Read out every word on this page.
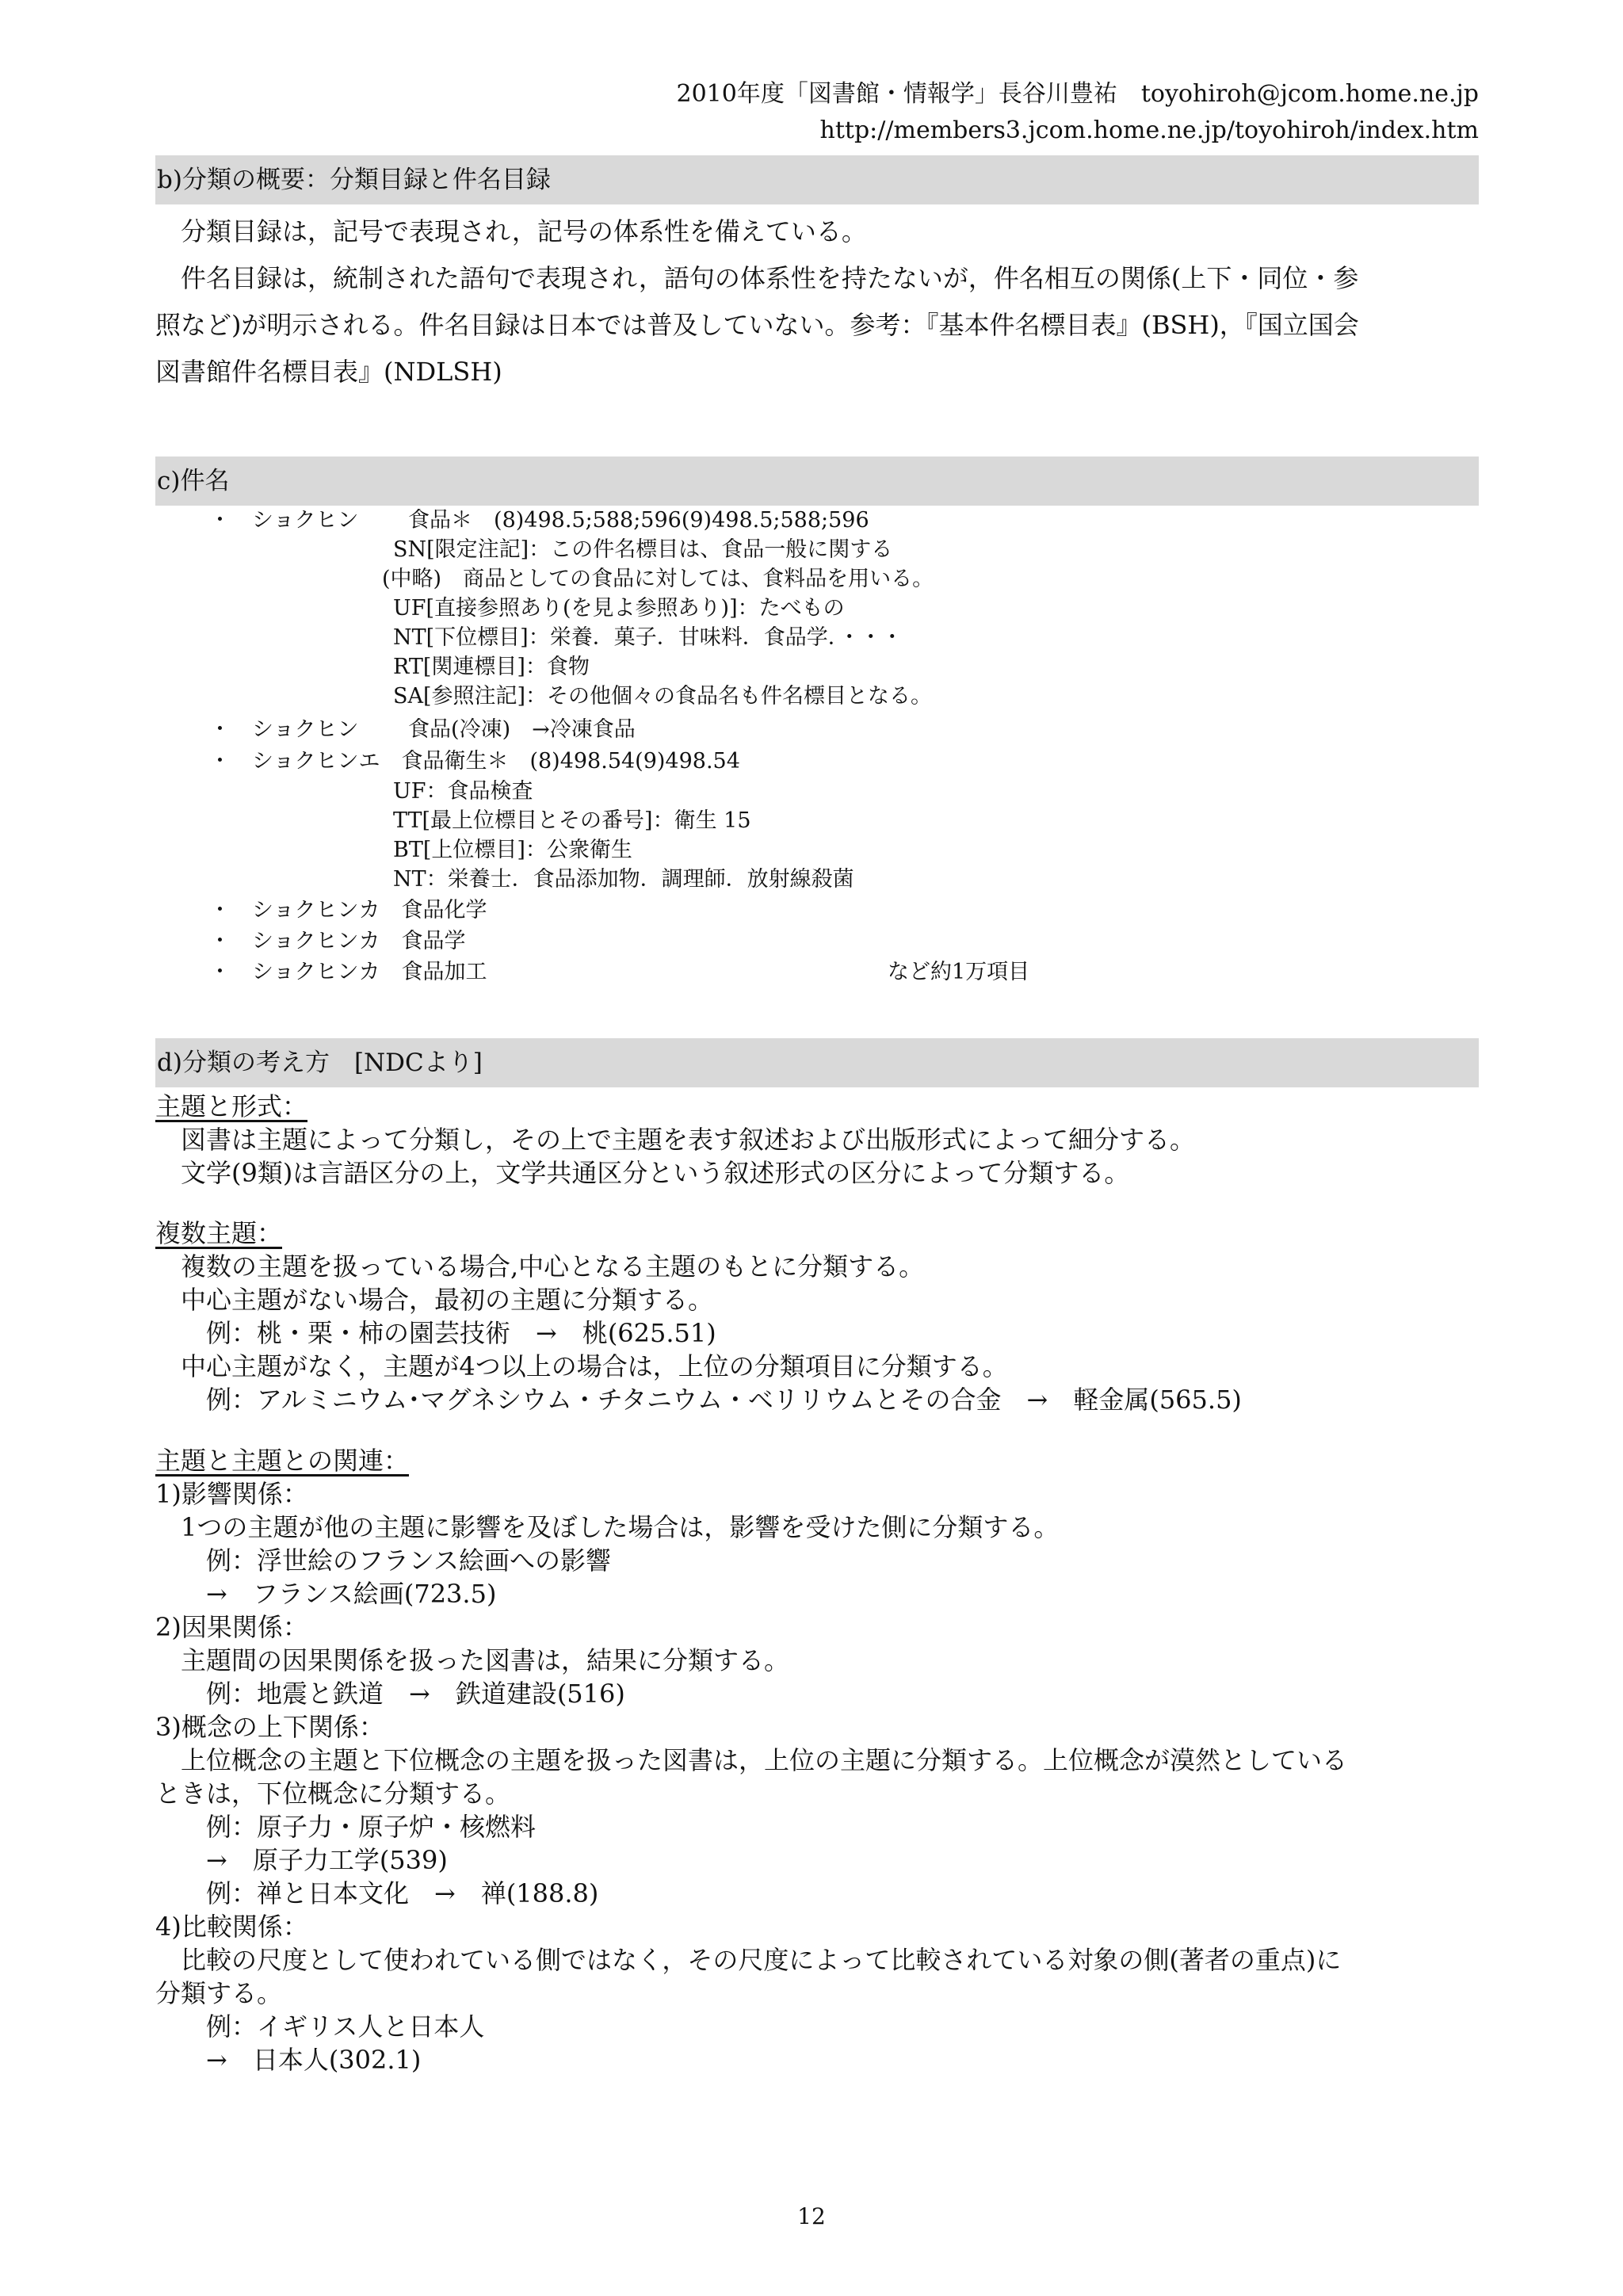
2010年度「図書館・情報学」長谷川豊祐　toyohiroh@jcom.home.ne.jp
http://members3.jcom.home.ne.jp/toyohiroh/index.htm
b)分類の概要：分類目録と件名目録
　分類目録は，記号で表現され，記号の体系性を備えている。
　件名目録は，統制された語句で表現され，語句の体系性を持たないが，件名相互の関係(上下・同位・参
照など)が明示される。件名目録は日本では普及していない。参考：『基本件名標目表』(BSH)，『国立国会
図書館件名標目表』(NDLSH)
c)件名
・　ショクヒン　　 食品＊　(8)498.5;588;596(9)498.5;588;596
SN[限定注記]：この件名標目は、食品一般に関する
(中略)　商品としての食品に対しては、食料品を用いる。
UF[直接参照あり(を見よ参照あり)]：たべもの
NT[下位標目]：栄養．菓子．甘味料．食品学．・・・
RT[関連標目]：食物
SA[参照注記]：その他個々の食品名も件名標目となる。
・　ショクヒン　　 食品(冷凍)　→冷凍食品
・　ショクヒンエ　食品衛生＊　(8)498.54(9)498.54
UF：食品検査
TT[最上位標目とその番号]：衛生 15
BT[上位標目]：公衆衛生
NT：栄養士．食品添加物．調理師．放射線殺菌
・　ショクヒンカ　食品化学
・　ショクヒンカ　食品学
・　ショクヒンカ　食品加工	など約1万項目
d)分類の考え方　[NDCより]
主題と形式：
　図書は主題によって分類し，その上で主題を表す叙述および出版形式によって細分する。
　文学(9類)は言語区分の上，文学共通区分という叙述形式の区分によって分類する。
複数主題：
　複数の主題を扱っている場合,中心となる主題のもとに分類する。
　中心主題がない場合，最初の主題に分類する。
　　例：桃・栗・柿の園芸技術　→　桃(625.51)
　中心主題がなく，主題が4つ以上の場合は，上位の分類項目に分類する。
　　例：アルミニウム･マグネシウム・チタニウム・ベリリウムとその合金　→　軽金属(565.5)
主題と主題との関連：
1)影響関係：
　1つの主題が他の主題に影響を及ぼした場合は，影響を受けた側に分類する。
　　例：浮世絵のフランス絵画への影響
　　→　フランス絵画(723.5)
2)因果関係：
　主題間の因果関係を扱った図書は，結果に分類する。
　　例：地震と鉄道　→　鉄道建設(516)
3)概念の上下関係：
　上位概念の主題と下位概念の主題を扱った図書は，上位の主題に分類する。上位概念が漠然としている
ときは，下位概念に分類する。
　　例：原子力・原子炉・核燃料
　　→　原子力工学(539)
　　例：禅と日本文化　→　禅(188.8)
4)比較関係：
　比較の尺度として使われている側ではなく，その尺度によって比較されている対象の側(著者の重点)に
分類する。
　　例：イギリス人と日本人
　　→　日本人(302.1)
12
